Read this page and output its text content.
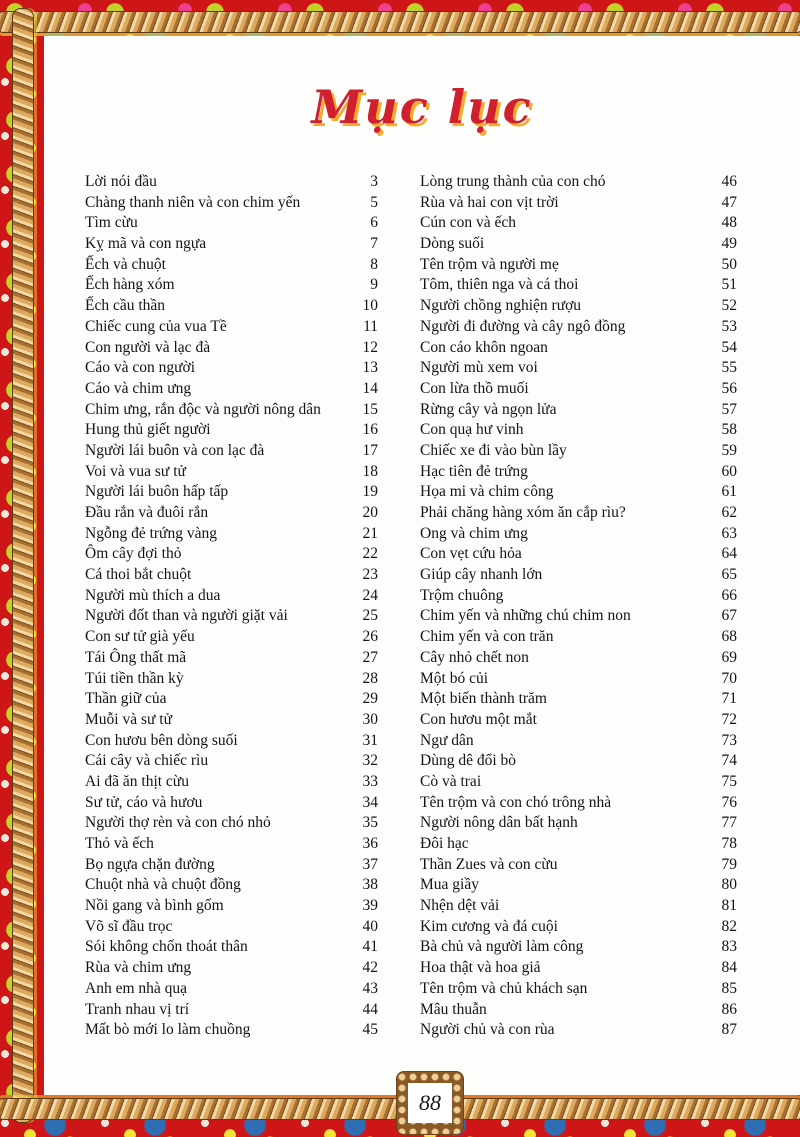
Mục lục
Lời nói đầu	3
Chàng thanh niên và con chim yến	5
Tìm cừu	6
Kỵ mã và con ngựa	7
Ếch và chuột	8
Ếch hàng xóm	9
Ếch cầu thần	10
Chiếc cung của vua Tề	11
Con người và lạc đà	12
Cáo và con người	13
Cáo và chim ưng	14
Chim ưng, rắn độc và người nông dân	15
Hung thủ giết người	16
Người lái buôn và con lạc đà	17
Voi và vua sư tử	18
Người lái buôn hấp tấp	19
Đầu rắn và đuôi rắn	20
Ngỗng đẻ trứng vàng	21
Ôm cây đợi thỏ	22
Cá thoi bắt chuột	23
Người mù thích a dua	24
Người đốt than và người giặt vải	25
Con sư tử già yếu	26
Tái Ông thất mã	27
Túi tiền thần kỳ	28
Thần giữ của	29
Muỗi và sư tử	30
Con hươu bên dòng suối	31
Cái cây và chiếc rìu	32
Ai đã ăn thịt cừu	33
Sư tử, cáo và hươu	34
Người thợ rèn và con chó nhỏ	35
Thỏ và ếch	36
Bọ ngựa chặn đường	37
Chuột nhà và chuột đồng	38
Nồi gang và bình gốm	39
Võ sĩ đầu trọc	40
Sói không chốn thoát thân	41
Rùa và chim ưng	42
Anh em nhà quạ	43
Tranh nhau vị trí	44
Mất bò mới lo làm chuồng	45
Lòng trung thành của con chó	46
Rùa và hai con vịt trời	47
Cún con và ếch	48
Dòng suối	49
Tên trộm và người mẹ	50
Tôm, thiên nga và cá thoi	51
Người chồng nghiện rượu	52
Người đi đường và cây ngô đồng	53
Con cáo khôn ngoan	54
Người mù xem voi	55
Con lừa thồ muối	56
Rừng cây và ngọn lửa	57
Con quạ hư vinh	58
Chiếc xe đi vào bùn lầy	59
Hạc tiên đẻ trứng	60
Họa mi và chim công	61
Phải chăng hàng xóm ăn cắp rìu?	62
Ong và chim ưng	63
Con vẹt cứu hỏa	64
Giúp cây nhanh lớn	65
Trộm chuông	66
Chim yến và những chú chim non	67
Chim yến và con trăn	68
Cây nhỏ chết non	69
Một bó củi	70
Một biến thành trăm	71
Con hươu một mắt	72
Ngư dân	73
Dùng dê đổi bò	74
Cò và trai	75
Tên trộm và con chó trông nhà	76
Người nông dân bất hạnh	77
Đôi hạc	78
Thần Zues và con cừu	79
Mua giầy	80
Nhện dệt vải	81
Kim cương và đá cuội	82
Bà chủ và người làm công	83
Hoa thật và hoa giả	84
Tên trộm và chủ khách sạn	85
Mâu thuẫn	86
Người chủ và con rùa	87
88
